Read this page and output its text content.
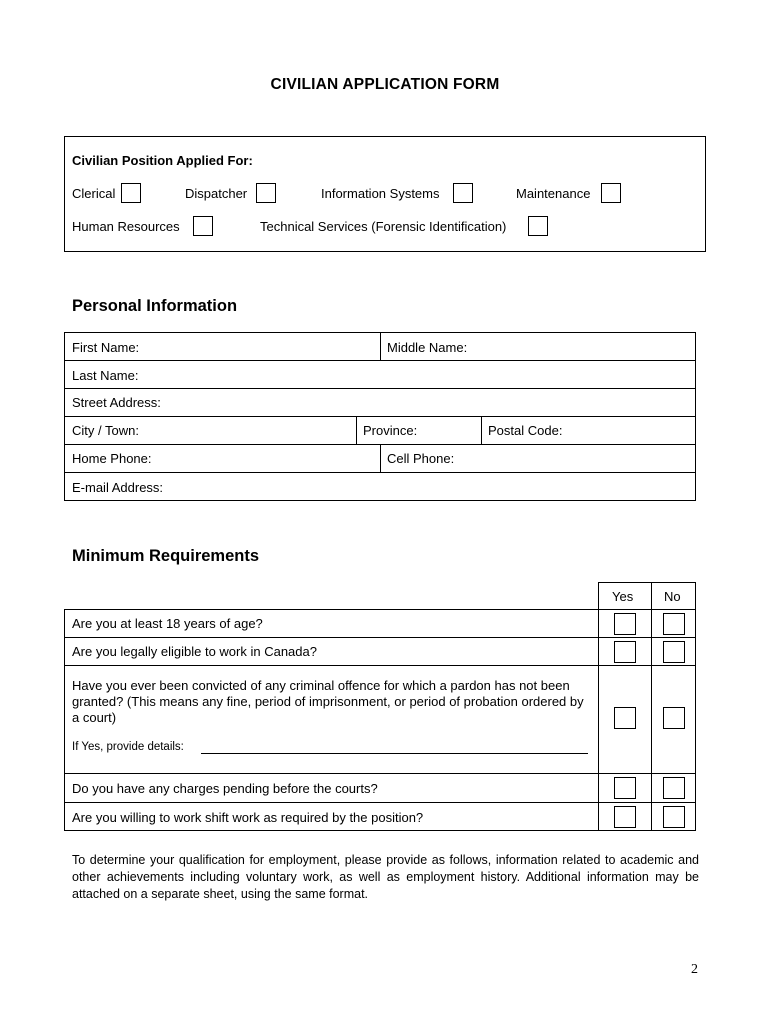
CIVILIAN APPLICATION FORM
Civilian Position Applied For:
Clerical	Dispatcher	Information Systems	Maintenance
Human Resources	Technical Services (Forensic Identification)
Personal Information
First Name:	Middle Name:
Last Name:
Street Address:
City / Town:	Province:	Postal Code:
Home Phone:	Cell Phone:
E-mail Address:
Minimum Requirements
Yes No
Are you at least 18 years of age?
Are you legally eligible to work in Canada?
Have you ever been convicted of any criminal offence for which a pardon has not been granted? (This means any fine, period of imprisonment, or period of probation ordered by a court)
If Yes, provide details:
Do you have any charges pending before the courts?
Are you willing to work shift work as required by the position?
To determine your qualification for employment, please provide as follows, information related to academic and other achievements including voluntary work, as well as employment history. Additional information may be attached on a separate sheet, using the same format.
2
